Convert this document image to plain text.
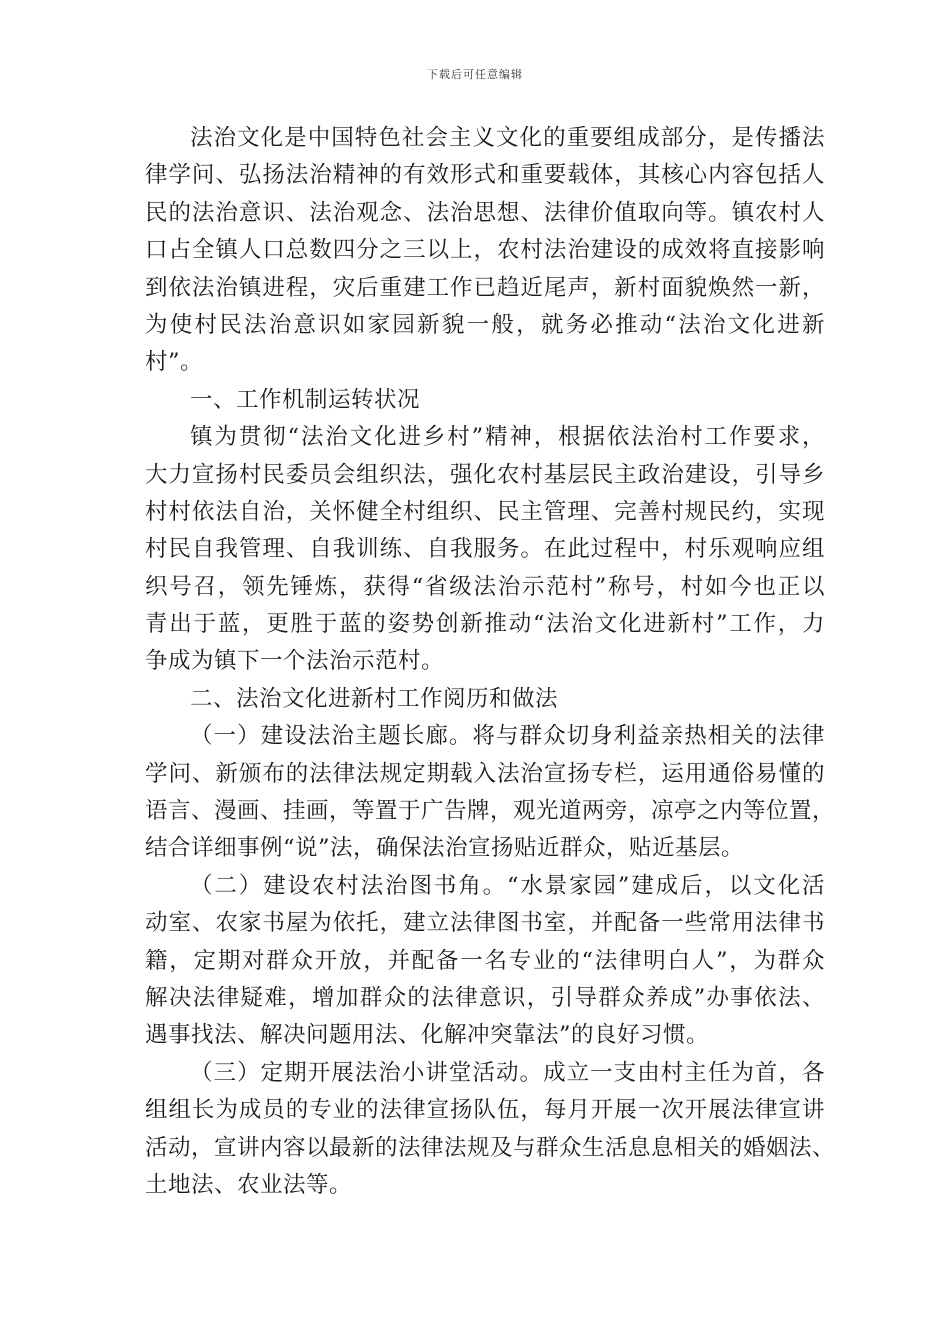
下载后可任意编辑
法治文化是中国特色社会主义文化的重要组成部分，是传播法
律学问、弘扬法治精神的有效形式和重要载体，其核心内容包括人
民的法治意识、法治观念、法治思想、法律价值取向等。镇农村人
口占全镇人口总数四分之三以上，农村法治建设的成效将直接影响
到依法治镇进程，灾后重建工作已趋近尾声，新村面貌焕然一新，
为使村民法治意识如家园新貌一般，就务必推动“法治文化进新
村”。
一、工作机制运转状况
镇为贯彻“法治文化进乡村”精神，根据依法治村工作要求，
大力宣扬村民委员会组织法，强化农村基层民主政治建设，引导乡
村村依法自治，关怀健全村组织、民主管理、完善村规民约，实现
村民自我管理、自我训练、自我服务。在此过程中，村乐观响应组
织号召，领先锤炼，获得“省级法治示范村”称号，村如今也正以
青出于蓝，更胜于蓝的姿势创新推动“法治文化进新村”工作，力
争成为镇下一个法治示范村。
二、法治文化进新村工作阅历和做法
（一）建设法治主题长廊。将与群众切身利益亲热相关的法律
学问、新颁布的法律法规定期载入法治宣扬专栏，运用通俗易懂的
语言、漫画、挂画，等置于广告牌，观光道两旁，凉亭之内等位置，
结合详细事例“说”法，确保法治宣扬贴近群众，贴近基层。
（二）建设农村法治图书角。“水景家园”建成后，以文化活
动室、农家书屋为依托，建立法律图书室，并配备一些常用法律书
籍，定期对群众开放，并配备一名专业的“法律明白人”，为群众
解决法律疑难，增加群众的法律意识，引导群众养成”办事依法、
遇事找法、解决问题用法、化解冲突靠法”的良好习惯。
（三）定期开展法治小讲堂活动。成立一支由村主任为首，各
组组长为成员的专业的法律宣扬队伍，每月开展一次开展法律宣讲
活动，宣讲内容以最新的法律法规及与群众生活息息相关的婚姻法、
土地法、农业法等。
